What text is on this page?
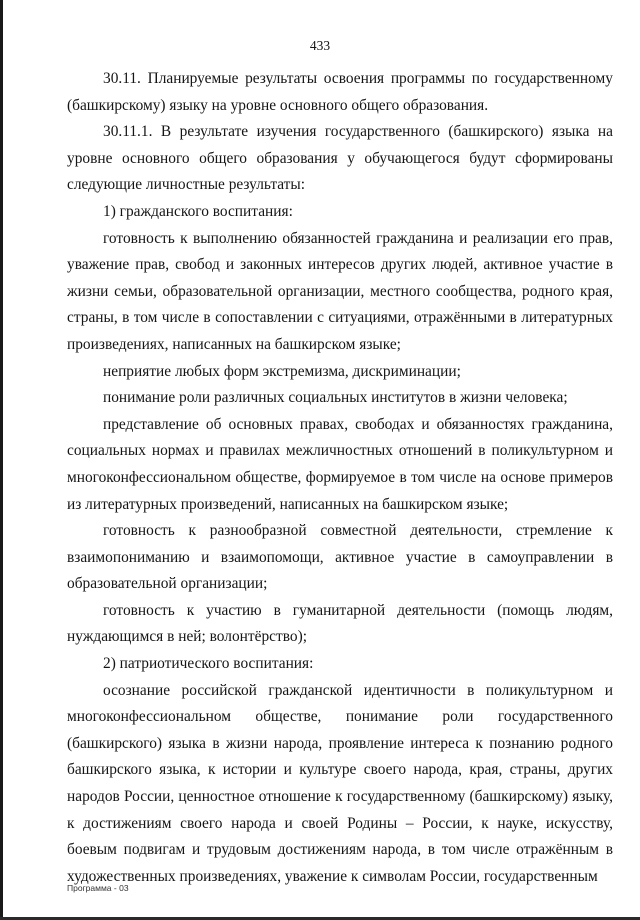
433

30.11. Планируемые результаты освоения программы по государственному (башкирскому) языку на уровне основного общего образования.

30.11.1. В результате изучения государственного (башкирского) языка на уровне основного общего образования у обучающегося будут сформированы следующие личностные результаты:

1) гражданского воспитания:

готовность к выполнению обязанностей гражданина и реализации его прав, уважение прав, свобод и законных интересов других людей, активное участие в жизни семьи, образовательной организации, местного сообщества, родного края, страны, в том числе в сопоставлении с ситуациями, отражёнными в литературных произведениях, написанных на башкирском языке;

неприятие любых форм экстремизма, дискриминации;

понимание роли различных социальных институтов в жизни человека;

представление об основных правах, свободах и обязанностях гражданина, социальных нормах и правилах межличностных отношений в поликультурном и многоконфессиональном обществе, формируемое в том числе на основе примеров из литературных произведений, написанных на башкирском языке;

готовность к разнообразной совместной деятельности, стремление к взаимопониманию и взаимопомощи, активное участие в самоуправлении в образовательной организации;

готовность к участию в гуманитарной деятельности (помощь людям, нуждающимся в ней; волонтёрство);

2) патриотического воспитания:

осознание российской гражданской идентичности в поликультурном и многоконфессиональном обществе, понимание роли государственного (башкирского) языка в жизни народа, проявление интереса к познанию родного башкирского языка, к истории и культуре своего народа, края, страны, других народов России, ценностное отношение к государственному (башкирскому) языку, к достижениям своего народа и своей Родины – России, к науке, искусству, боевым подвигам и трудовым достижениям народа, в том числе отражённым в художественных произведениях, уважение к символам России, государственным

Программа - 03
